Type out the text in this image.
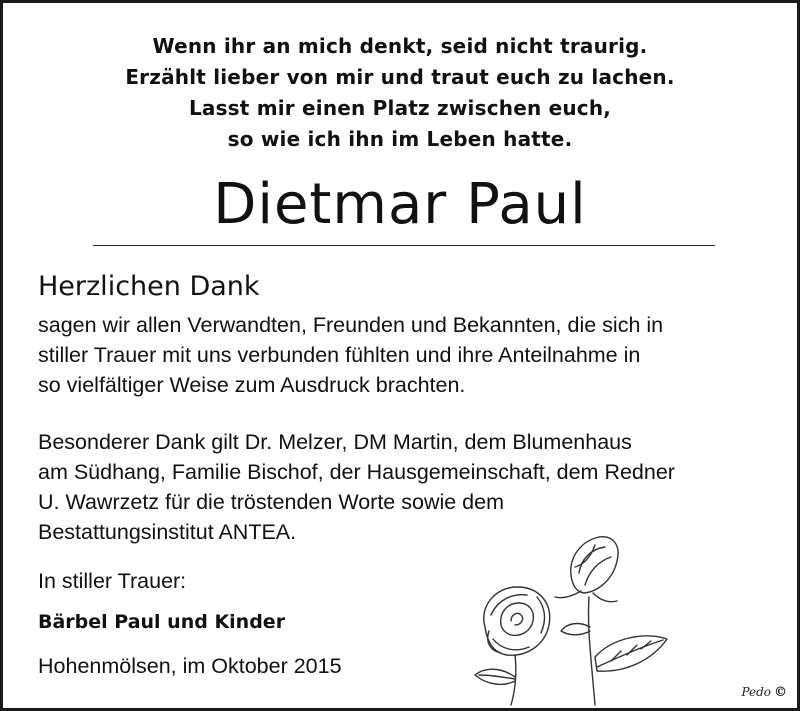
Wenn ihr an mich denkt, seid nicht traurig.
Erzählt lieber von mir und traut euch zu lachen.
Lasst mir einen Platz zwischen euch,
so wie ich ihn im Leben hatte.
Dietmar Paul
Herzlichen Dank
sagen wir allen Verwandten, Freunden und Bekannten, die sich in
stiller Trauer mit uns verbunden fühlten und ihre Anteilnahme in
so vielfältiger Weise zum Ausdruck brachten.
Besonderer Dank gilt Dr. Melzer, DM Martin, dem Blumenhaus
am Südhang, Familie Bischof, der Hausgemeinschaft, dem Redner
U. Wawrzetz für die tröstenden Worte sowie dem
Bestattungsinstitut ANTEA.
In stiller Trauer:
Bärbel Paul und Kinder
Hohenmölsen, im Oktober 2015
Pedo ©
